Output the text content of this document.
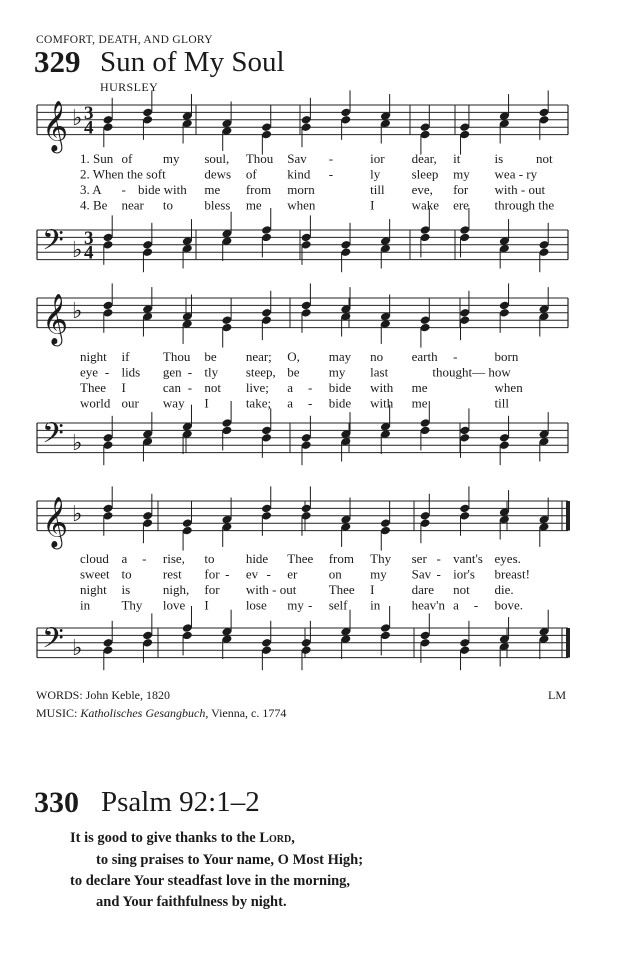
COMFORT, DEATH, AND GLORY
329 Sun of My Soul
HURSLEY
𝄞 ♭ 3
4
𝄢 ♭ 3
4
1. Sun of my soul, Thou Sav -	ior dear, it	is	not
2. When the soft	dews of kind -	ly sleep my wea - ry
3. A - bide with me from morn	till eve, for with - out
4. Be near to bless me when	I	wake ere through the
𝄞 ♭
𝄢 ♭
night if	Thou be near; O, may no earth -	born
eye - lids gen - tly steep, be my last	thought— how
Thee I	can - not live; a - bide with me	when
world our way I	take; a - bide with me	till
𝄞 ♭
𝄢 ♭
cloud a - rise, to hide Thee from Thy ser - vant's eyes.
sweet to rest for - ev - er on my Sav - ior's breast!
night is	nigh, for with - out Thee I	dare not die.
in Thy love I	lose my - self in heav'n a - bove.
WORDS: John Keble, 1820
MUSIC: Katholisches Gesangbuch, Vienna, c. 1774
LM
330 Psalm 92:1–2
It is good to give thanks to the Lord,
to sing praises to Your name, O Most High;
to declare Your steadfast love in the morning,
and Your faithfulness by night.
